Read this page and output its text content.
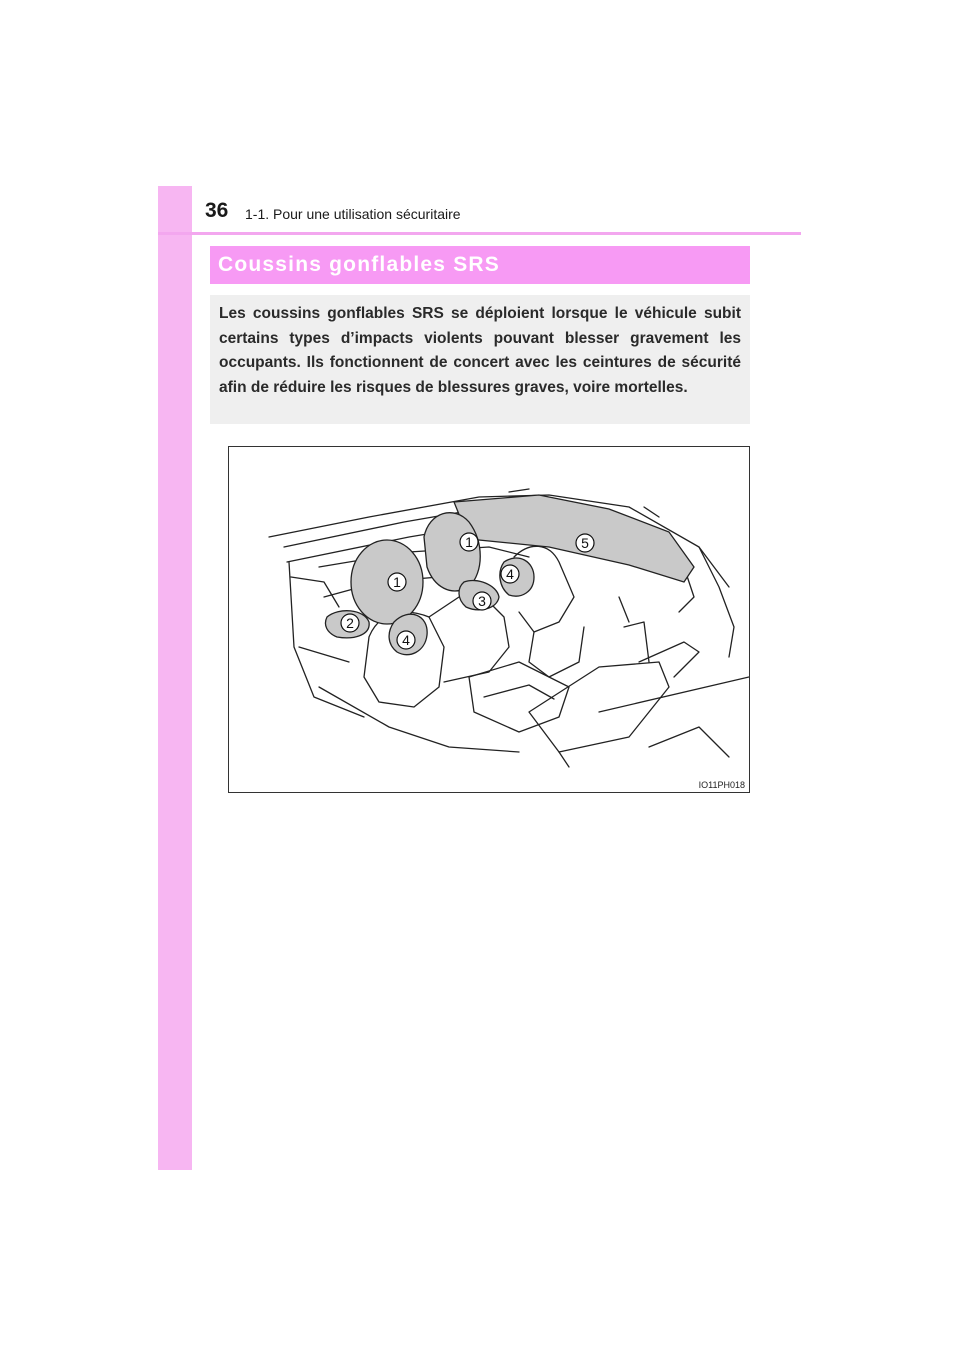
36 1-1. Pour une utilisation sécuritaire
Coussins gonflables SRS

Les coussins gonflables SRS se déploient lorsque le véhicule subit certains types d’impacts violents pouvant blesser gravement les occupants. Ils fonctionnent de concert avec les ceintures de sécurité afin de réduire les risques de blessures graves, voire mortelles.

1
1
2
3
4
4
5
IO11PH018
